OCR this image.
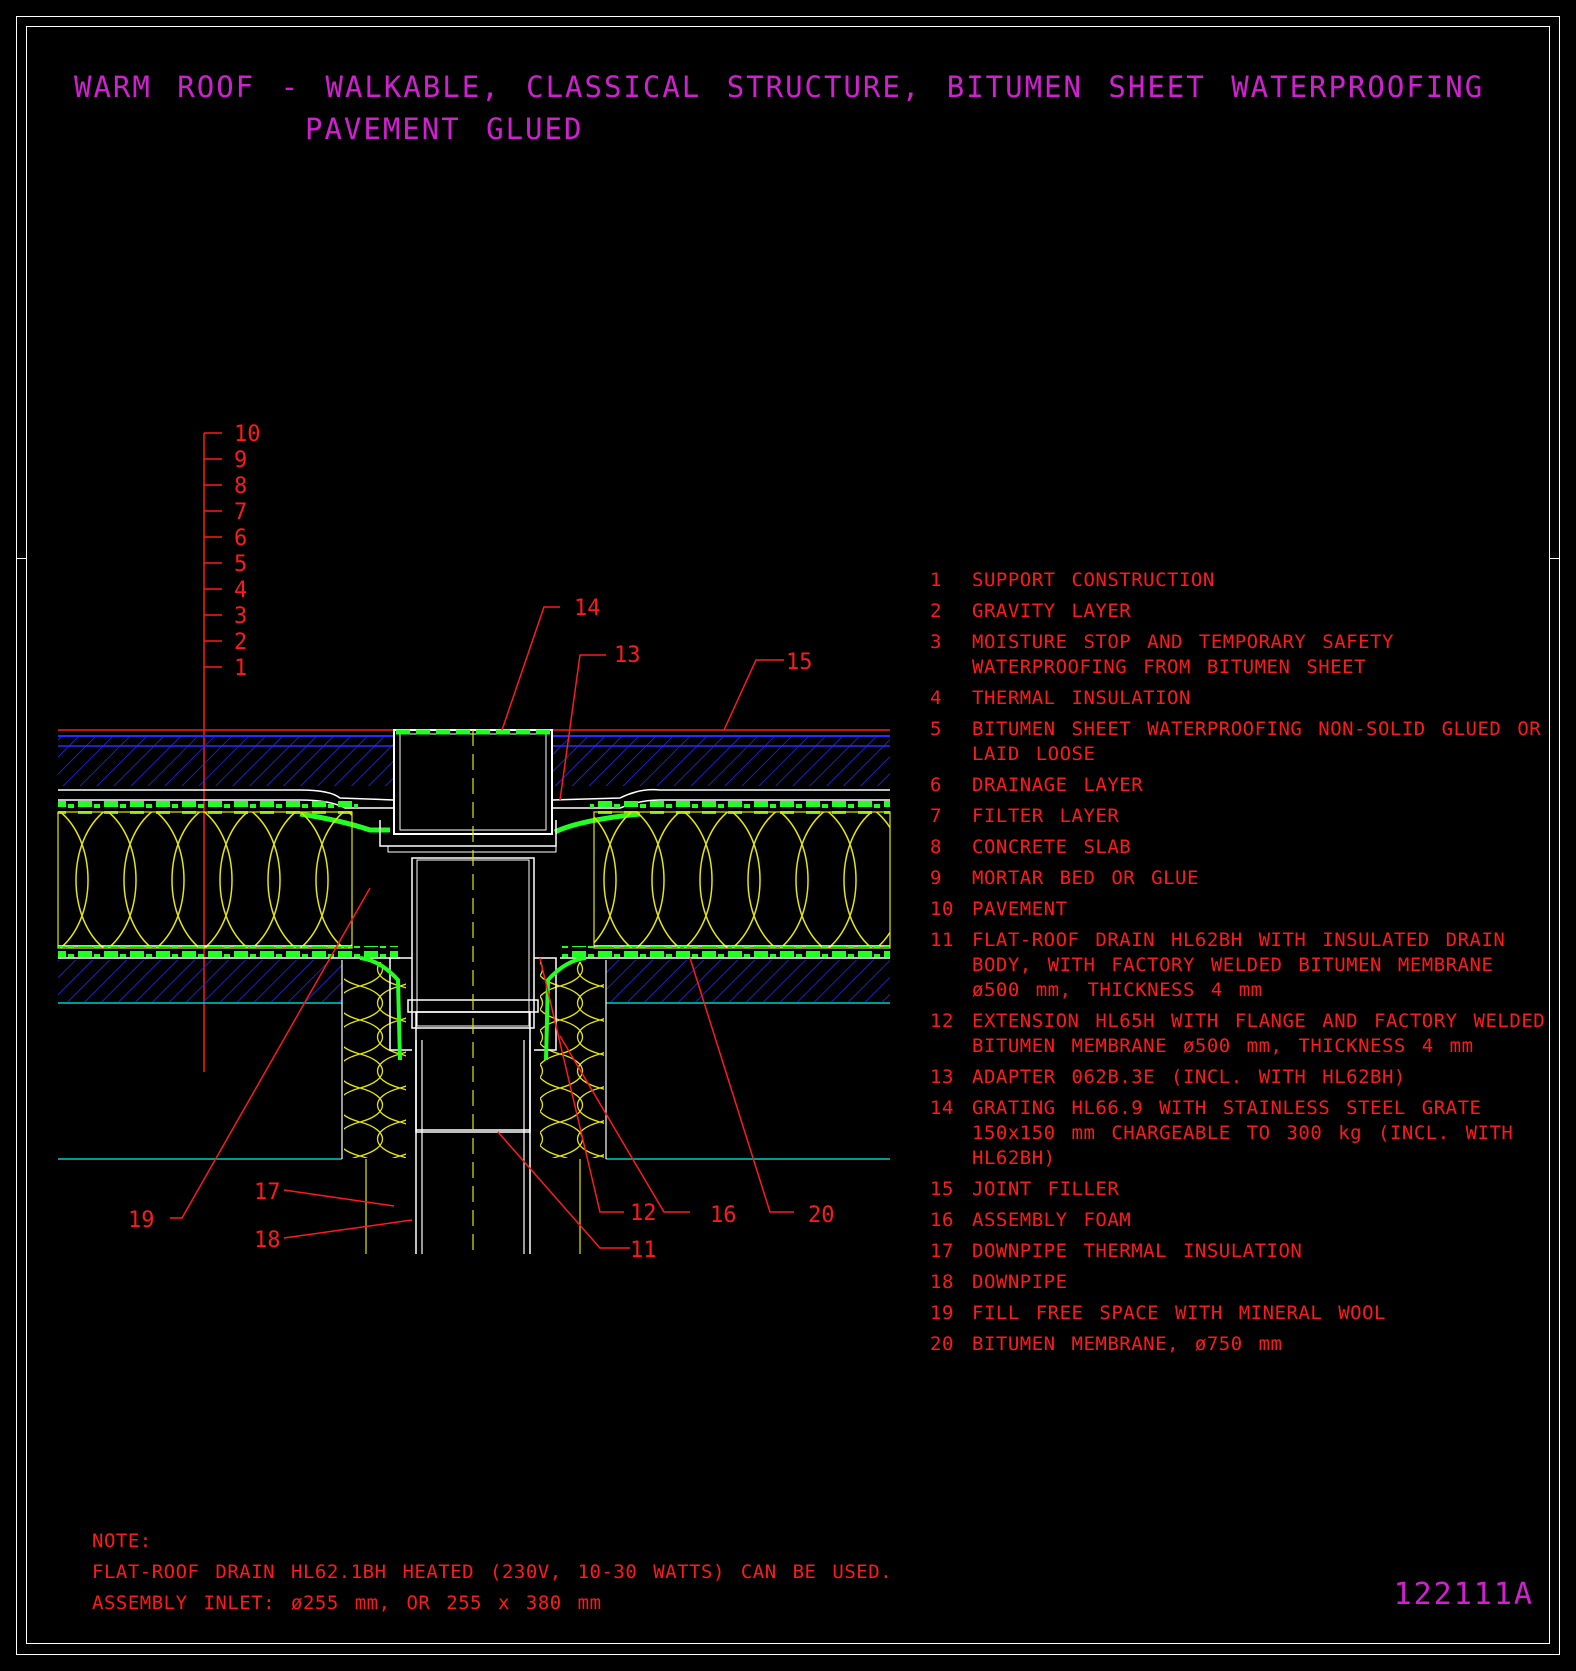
WARM ROOF - WALKABLE, CLASSICAL STRUCTURE, BITUMEN SHEET WATERPROOFING
PAVEMENT GLUED
10
9
8
7
6
5
4
3
2
1
14
13	15
19
17
18
12 16	20
11
1	SUPPORT CONSTRUCTION
2	GRAVITY LAYER
3	MOISTURE STOP AND TEMPORARY SAFETY WATERPROOFING FROM BITUMEN SHEET
4	THERMAL INSULATION
5	BITUMEN SHEET WATERPROOFING NON-SOLID GLUED OR LAID LOOSE
6	DRAINAGE LAYER
7	FILTER LAYER
8	CONCRETE SLAB
9	MORTAR BED OR GLUE
10 PAVEMENT
11 FLAT-ROOF DRAIN HL62BH WITH INSULATED DRAIN BODY, WITH FACTORY WELDED BITUMEN MEMBRANE ø500 mm, THICKNESS 4 mm
12 EXTENSION HL65H WITH FLANGE AND FACTORY WELDED BITUMEN MEMBRANE ø500 mm, THICKNESS 4 mm
13 ADAPTER 062B.3E (INCL. WITH HL62BH)
14 GRATING HL66.9 WITH STAINLESS STEEL GRATE 150x150 mm CHARGEABLE TO 300 kg (INCL. WITH HL62BH)
15 JOINT FILLER
16 ASSEMBLY FOAM
17 DOWNPIPE THERMAL INSULATION
18 DOWNPIPE
19 FILL FREE SPACE WITH MINERAL WOOL
20 BITUMEN MEMBRANE, ø750 mm
NOTE:
FLAT-ROOF DRAIN HL62.1BH HEATED (230V, 10-30 WATTS) CAN BE USED.
ASSEMBLY INLET: ø255 mm, OR 255 x 380 mm	122111A
